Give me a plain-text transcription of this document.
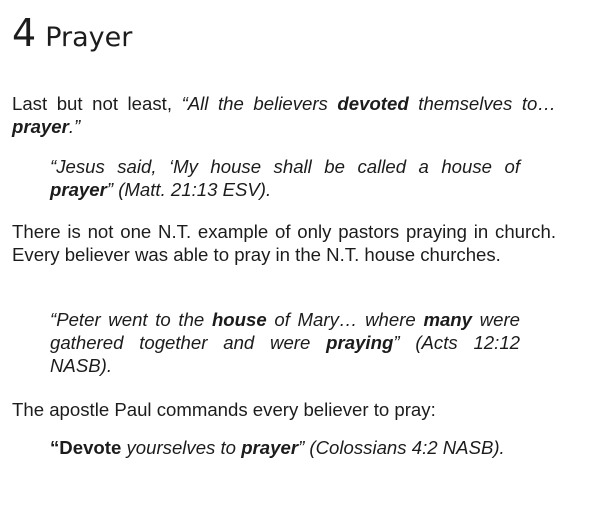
4 Prayer

Last but not least, “All the believers devoted themselves to… prayer.”

“Jesus said, ‘My house shall be called a house of prayer” (Matt. 21:13 ESV).

There is not one N.T. example of only pastors praying in church. Every believer was able to pray in the N.T. house churches.

“Peter went to the house of Mary… where many were gathered together and were praying” (Acts 12:12 NASB).

The apostle Paul commands every believer to pray:

“Devote yourselves to prayer” (Colossians 4:2 NASB).
